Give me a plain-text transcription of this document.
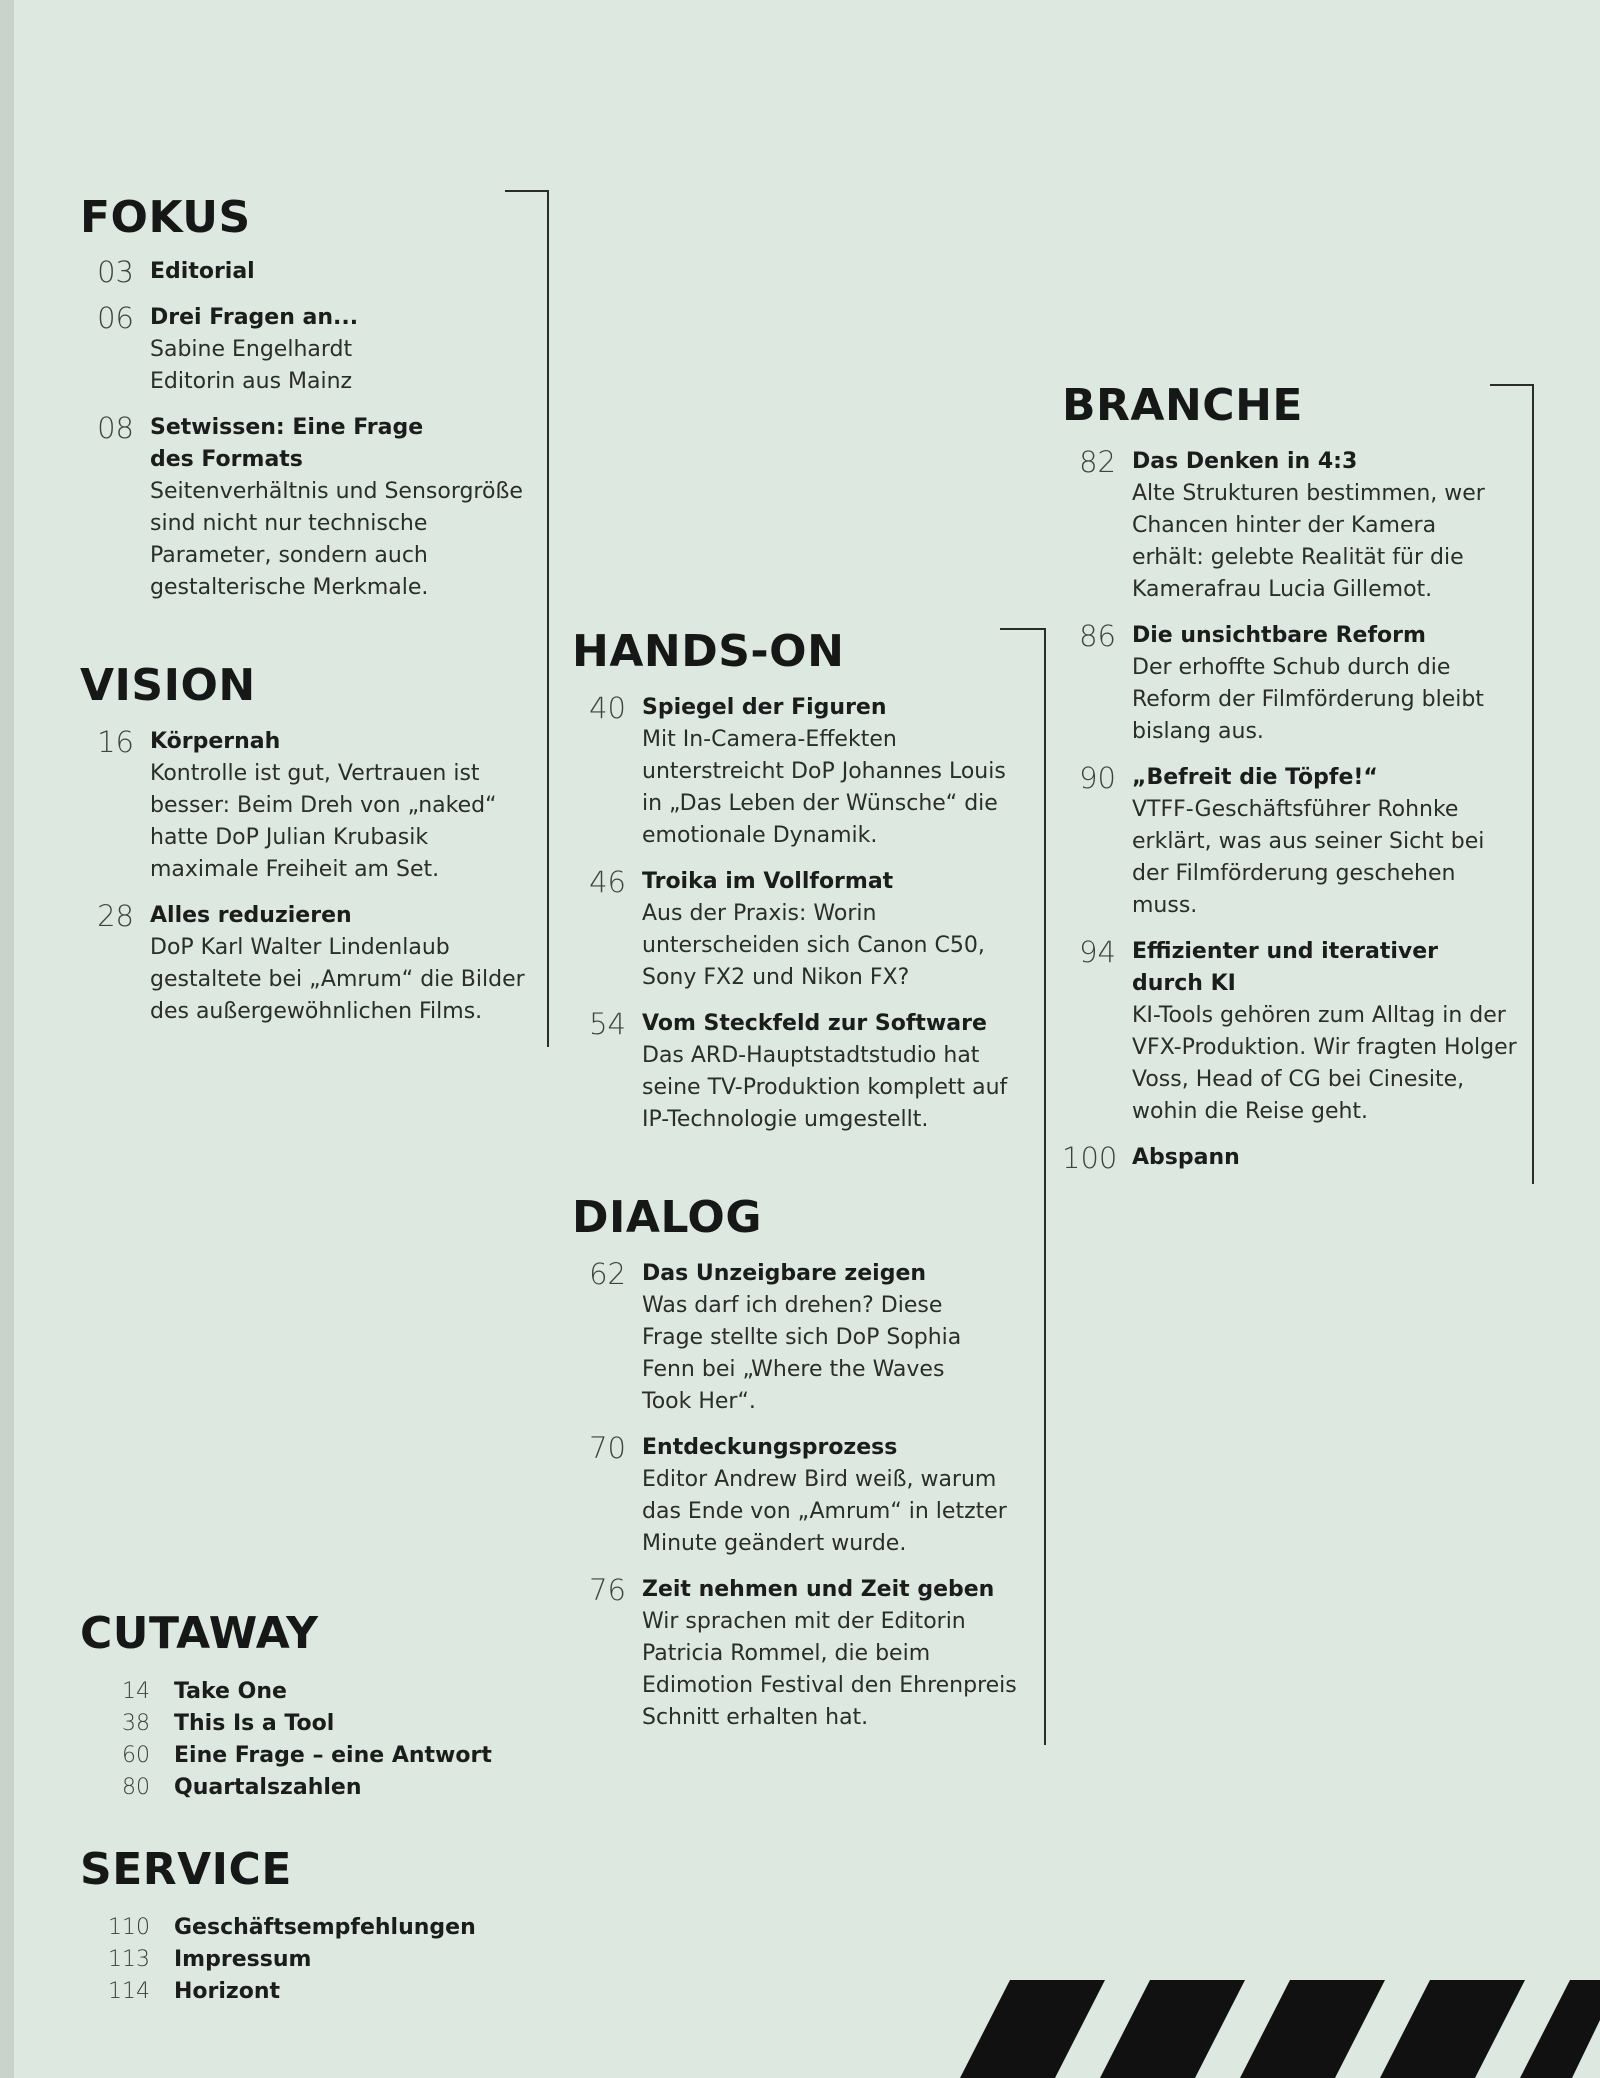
FOKUS
03 Editorial
06 Drei Fragen an...
Sabine Engelhardt Editorin aus Mainz
08 Setwissen: Eine Frage des Formats
Seitenverhältnis und Sensorgröße sind nicht nur technische Parameter, sondern auch gestalterische Merkmale.
VISION
16 Körpernah
Kontrolle ist gut, Vertrauen ist besser: Beim Dreh von „naked“ hatte DoP Julian Krubasik maximale Freiheit am Set.
28 Alles reduzieren
DoP Karl Walter Lindenlaub gestaltete bei „Amrum“ die Bilder des außergewöhnlichen Films.
CUTAWAY
14	Take One
38	This Is a Tool
60	Eine Frage – eine Antwort
80	Quartalszahlen
SERVICE
110	Geschäftsempfehlungen
113	Impressum
114	Horizont
HANDS-ON
40 Spiegel der Figuren
Mit In-Camera-Effekten unterstreicht DoP Johannes Louis in „Das Leben der Wünsche“ die emotionale Dynamik.
46 Troika im Vollformat
Aus der Praxis: Worin unterscheiden sich Canon C50, Sony FX2 und Nikon FX?
54 Vom Steckfeld zur Software
Das ARD-Hauptstadtstudio hat seine TV-Produktion komplett auf IP-Technologie umgestellt.
DIALOG
62 Das Unzeigbare zeigen
Was darf ich drehen? Diese Frage stellte sich DoP Sophia Fenn bei „Where the Waves Took Her“.
70 Entdeckungsprozess
Editor Andrew Bird weiß, warum das Ende von „Amrum“ in letzter Minute geändert wurde.
76 Zeit nehmen und Zeit geben
Wir sprachen mit der Editorin Patricia Rommel, die beim Edimotion Festival den Ehrenpreis Schnitt erhalten hat.
BRANCHE
82 Das Denken in 4:3
Alte Strukturen bestimmen, wer Chancen hinter der Kamera erhält: gelebte Realität für die Kamerafrau Lucia Gillemot.
86 Die unsichtbare Reform
Der erhoffte Schub durch die Reform der Filmförderung bleibt bislang aus.
90 „Befreit die Töpfe!“
VTFF-Geschäftsführer Rohnke erklärt, was aus seiner Sicht bei der Filmförderung geschehen muss.
94 Effizienter und iterativer durch KI
KI-Tools gehören zum Alltag in der VFX-Produktion. Wir fragten Holger Voss, Head of CG bei Cinesite, wohin die Reise geht.
100 Abspann
